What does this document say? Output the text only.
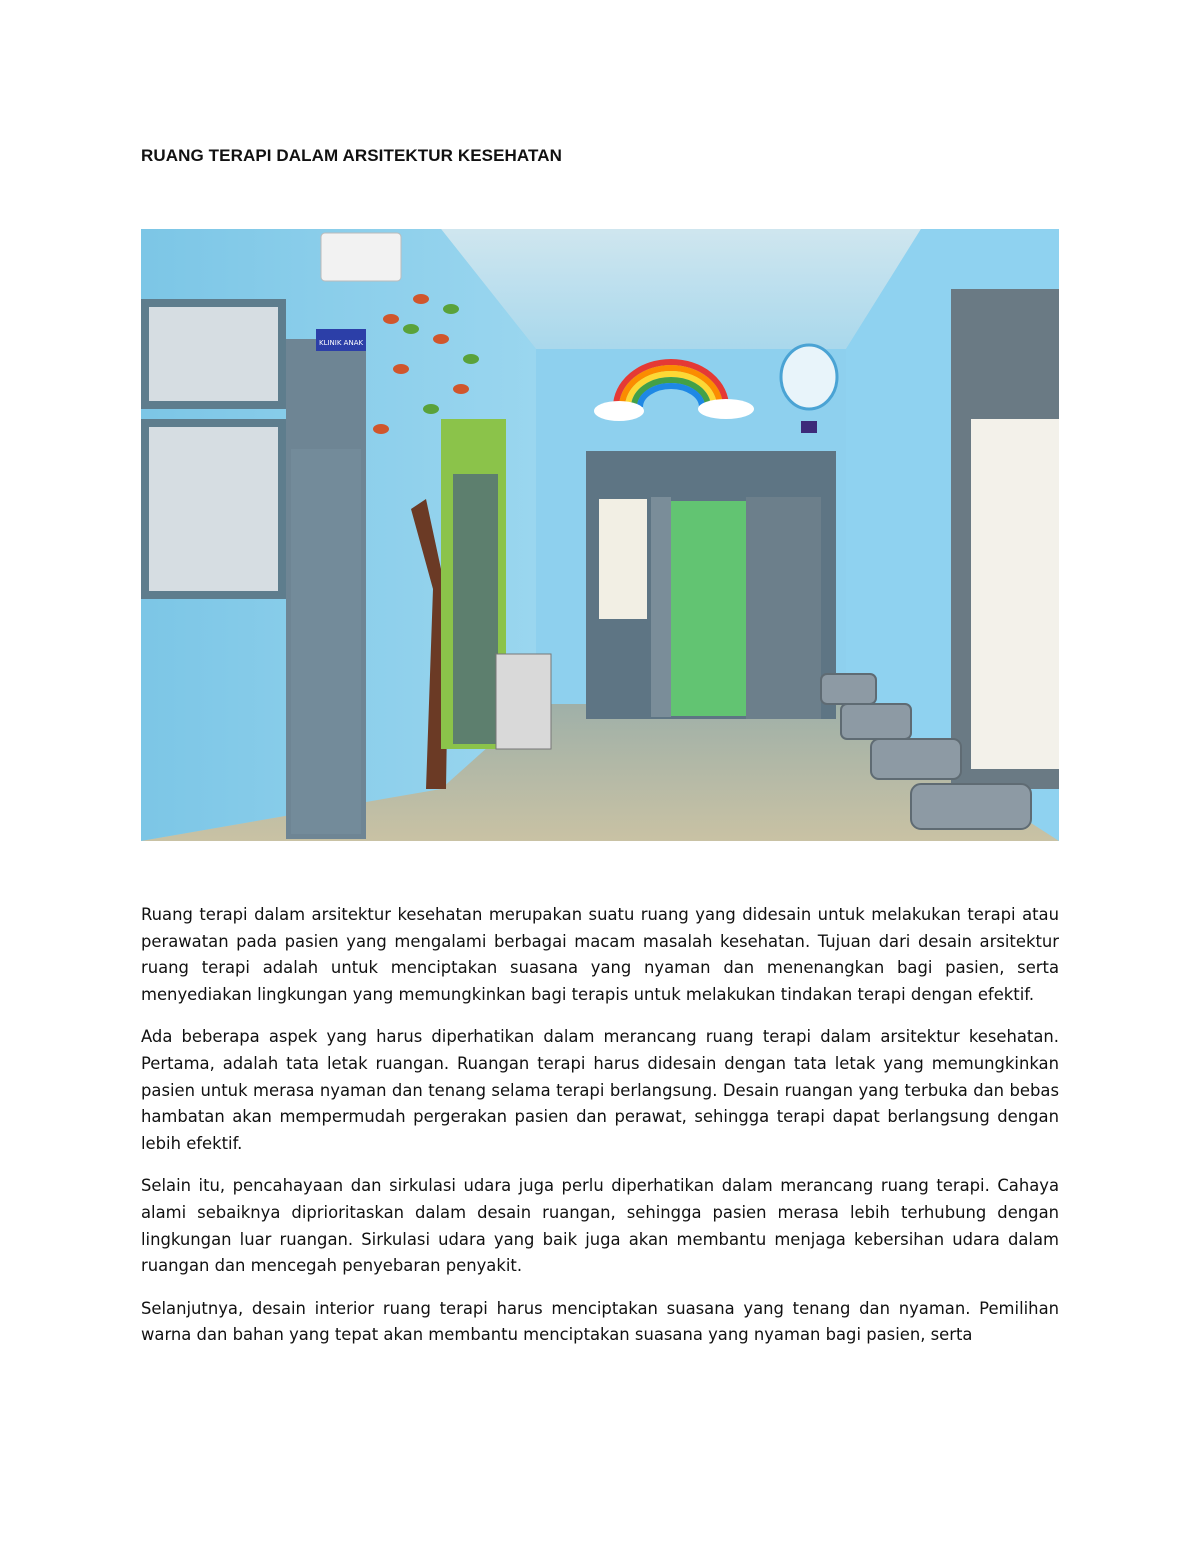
RUANG TERAPI DALAM ARSITEKTUR KESEHATAN
KLINIK ANAK

Ruang terapi dalam arsitektur kesehatan merupakan suatu ruang yang didesain untuk melakukan terapi atau perawatan pada pasien yang mengalami berbagai macam masalah kesehatan. Tujuan dari desain arsitektur ruang terapi adalah untuk menciptakan suasana yang nyaman dan menenangkan bagi pasien, serta menyediakan lingkungan yang memungkinkan bagi terapis untuk melakukan tindakan terapi dengan efektif.

Ada beberapa aspek yang harus diperhatikan dalam merancang ruang terapi dalam arsitektur kesehatan. Pertama, adalah tata letak ruangan. Ruangan terapi harus didesain dengan tata letak yang memungkinkan pasien untuk merasa nyaman dan tenang selama terapi berlangsung. Desain ruangan yang terbuka dan bebas hambatan akan mempermudah pergerakan pasien dan perawat, sehingga terapi dapat berlangsung dengan lebih efektif.

Selain itu, pencahayaan dan sirkulasi udara juga perlu diperhatikan dalam merancang ruang terapi. Cahaya alami sebaiknya diprioritaskan dalam desain ruangan, sehingga pasien merasa lebih terhubung dengan lingkungan luar ruangan. Sirkulasi udara yang baik juga akan membantu menjaga kebersihan udara dalam ruangan dan mencegah penyebaran penyakit.

Selanjutnya, desain interior ruang terapi harus menciptakan suasana yang tenang dan nyaman. Pemilihan warna dan bahan yang tepat akan membantu menciptakan suasana yang nyaman bagi pasien, serta
